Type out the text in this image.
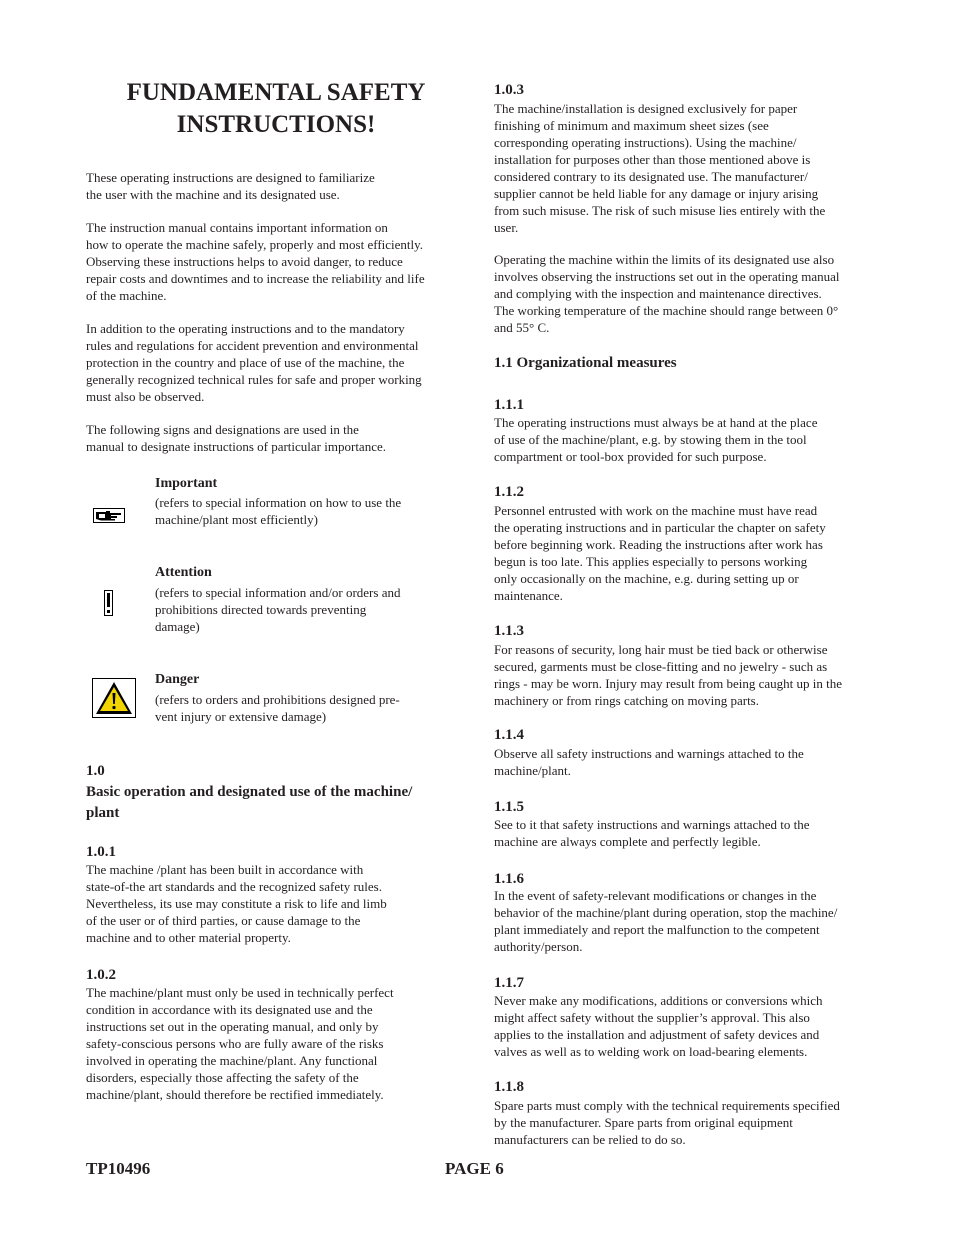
FUNDAMENTAL SAFETY
INSTRUCTIONS!
These operating instructions are designed to familiarize
the user with the machine and its designated use.
The instruction manual contains important information on
how to operate the machine safely, properly and most efficiently.
Observing these instructions helps to avoid danger, to reduce
repair costs and downtimes and to increase the reliability and life
of the machine.
In addition to the operating instructions and to the mandatory
rules and regulations for accident prevention and environmental
protection in the country and place of use of the machine, the
generally recognized technical rules for safe and proper working
must also be observed.
The following signs and designations are used in the
manual to designate instructions of particular importance.
Important
(refers to special information on how to use the
machine/plant most efficiently)
Attention
(refers to special information and/or orders and
prohibitions directed towards preventing
damage)
Danger
(refers to orders and prohibitions designed pre-
vent injury or extensive damage)
1.0
Basic operation and designated use of the machine/
plant
1.0.1
The machine /plant has been built in accordance with
state-of-the art standards and the recognized safety rules.
Nevertheless, its use may constitute a risk to life and limb
of the user or of third parties, or cause damage to the
machine and to other material property.
1.0.2
The machine/plant must only be used in technically perfect
condition in accordance with its designated use and the
instructions set out in the operating manual, and only by
safety-conscious persons who are fully aware of the risks
involved in operating the machine/plant. Any functional
disorders, especially those affecting the safety of the
machine/plant, should therefore be rectified immediately.
1.0.3
The machine/installation is designed exclusively for paper
finishing of minimum and maximum sheet sizes (see
corresponding operating instructions). Using the machine/
installation for purposes other than those mentioned above is
considered contrary to its designated use. The manufacturer/
supplier cannot be held liable for any damage or injury arising
from such misuse. The risk of such misuse lies entirely with the
user.
Operating the machine within the limits of its designated use also
involves observing the instructions set out in the operating manual
and complying with the inspection and maintenance directives.
The working temperature of the machine should range between 0°
and 55° C.
1.1 Organizational measures
1.1.1
The operating instructions must always be at hand at the place
of use of the machine/plant, e.g. by stowing them in the tool
compartment or tool-box provided for such purpose.
1.1.2
Personnel entrusted with work on the machine must have read
the operating instructions and in particular the chapter on safety
before beginning work. Reading the instructions after work has
begun is too late. This applies especially to persons working
only occasionally on the machine, e.g. during setting up or
maintenance.
1.1.3
For reasons of security, long hair must be tied back or otherwise
secured, garments must be close-fitting and no jewelry - such as
rings - may be worn. Injury may result from being caught up in the
machinery or from rings catching on moving parts.
1.1.4
Observe all safety instructions and warnings attached to the
machine/plant.
1.1.5
See to it that safety instructions and warnings attached to the
machine are always complete and perfectly legible.
1.1.6
In the event of safety-relevant modifications or changes in the
behavior of the machine/plant during operation, stop the machine/
plant immediately and report the malfunction to the competent
authority/person.
1.1.7
Never make any modifications, additions or conversions which
might affect safety without the supplier’s approval. This also
applies to the installation and adjustment of safety devices and
valves as well as to welding work on load-bearing elements.
1.1.8
Spare parts must comply with the technical requirements specified
by the manufacturer. Spare parts from original equipment
manufacturers can be relied to do so.
TP10496	PAGE 6
